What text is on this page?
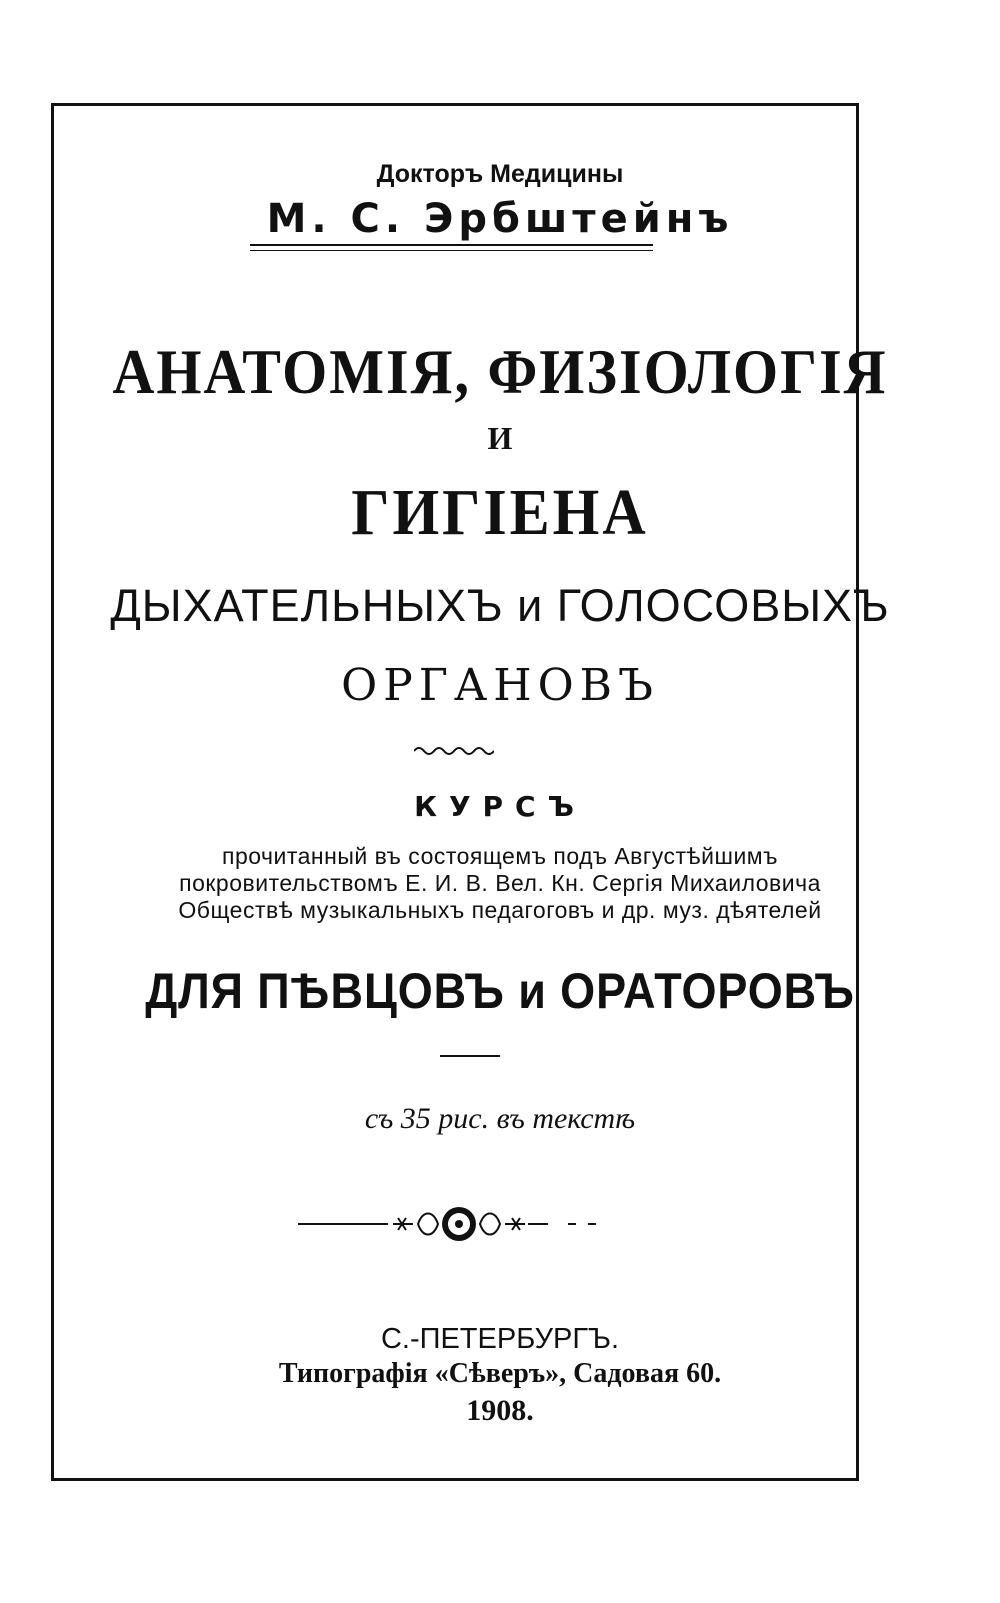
Докторъ Медицины
М. С. Эрбштейнъ
АНАТОМІЯ, ФИЗІОЛОГІЯ
И
ГИГІЕНА
ДЫХАТЕЛЬНЫХЪ и ГОЛОСОВЫХЪ
ОРГАНОВЪ
КУРСЪ
прочитанный въ состоящемъ подъ Августѣйшимъ
покровительствомъ Е. И. В. Вел. Кн. Сергія Михаиловича
Обществѣ музыкальныхъ педагоговъ и др. муз. дѣятелей
ДЛЯ ПѢВЦОВЪ и ОРАТОРОВЪ
съ 35 рис. въ текстѣ
С.-ПЕТЕРБУРГЪ.
Типографія «Сѣверъ», Садовая 60.
1908.
